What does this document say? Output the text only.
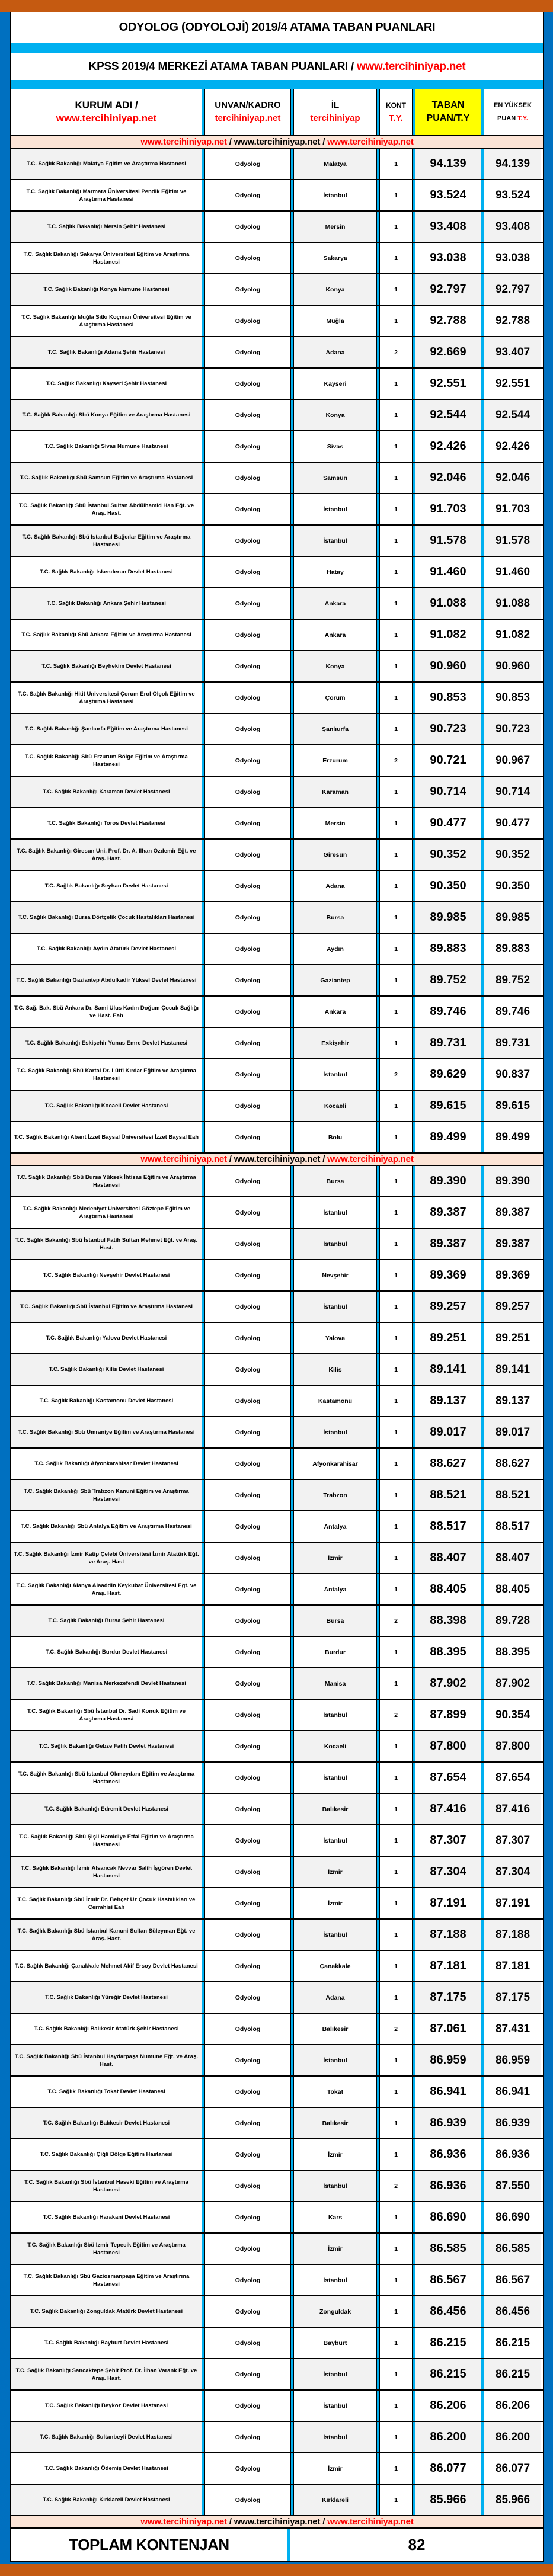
ODYOLOG (ODYOLOJİ) 2019/4 ATAMA TABAN PUANLARI
KPSS 2019/4 MERKEZİ ATAMA TABAN PUANLARI / www.tercihiniyap.net
KURUM ADI /
www.tercihiniyap.net
UNVAN/KADRO
tercihiniyap.net
İL
tercihiniyap
KONT
T.Y.
TABAN
PUAN/T.Y
EN YÜKSEK
PUAN T.Y.
www.tercihiniyap.net / www.tercihiniyap.net / www.tercihiniyap.net
T.C. Sağlık Bakanlığı Malatya Eğitim ve Araştırma Hastanesi	Odyolog	Malatya	1	94.139	94.139
T.C. Sağlık Bakanlığı Marmara Üniversitesi Pendik Eğitim ve Araştırma Hastanesi
Odyolog	İstanbul	1	93.524	93.524
T.C. Sağlık Bakanlığı Mersin Şehir Hastanesi	Odyolog	Mersin	1	93.408	93.408
T.C. Sağlık Bakanlığı Sakarya Üniversitesi Eğitim ve Araştırma Hastanesi
Odyolog	Sakarya	1	93.038	93.038
T.C. Sağlık Bakanlığı Konya Numune Hastanesi	Odyolog	Konya	1	92.797	92.797
T.C. Sağlık Bakanlığı Muğla Sıtkı Koçman Üniversitesi Eğitim ve Araştırma Hastanesi
Odyolog	Muğla	1	92.788	92.788
T.C. Sağlık Bakanlığı Adana Şehir Hastanesi	Odyolog	Adana	2	92.669	93.407
T.C. Sağlık Bakanlığı Kayseri Şehir Hastanesi	Odyolog	Kayseri	1	92.551	92.551
T.C. Sağlık Bakanlığı Sbü Konya Eğitim ve Araştırma Hastanesi	Odyolog	Konya	1	92.544	92.544
T.C. Sağlık Bakanlığı Sivas Numune Hastanesi	Odyolog	Sivas	1	92.426	92.426
T.C. Sağlık Bakanlığı Sbü Samsun Eğitim ve Araştırma Hastanesi	Odyolog	Samsun	1	92.046	92.046
T.C. Sağlık Bakanlığı Sbü İstanbul Sultan Abdülhamid Han Eğt. ve Araş. Hast.
Odyolog	İstanbul	1	91.703	91.703
T.C. Sağlık Bakanlığı Sbü İstanbul Bağcılar Eğitim ve Araştırma Hastanesi
Odyolog	İstanbul	1	91.578	91.578
T.C. Sağlık Bakanlığı İskenderun Devlet Hastanesi	Odyolog	Hatay	1	91.460	91.460
T.C. Sağlık Bakanlığı Ankara Şehir Hastanesi	Odyolog	Ankara	1	91.088	91.088
T.C. Sağlık Bakanlığı Sbü Ankara Eğitim ve Araştırma Hastanesi	Odyolog	Ankara	1	91.082	91.082
T.C. Sağlık Bakanlığı Beyhekim Devlet Hastanesi	Odyolog	Konya	1	90.960	90.960
T.C. Sağlık Bakanlığı Hitit Üniversitesi Çorum Erol Olçok Eğitim ve Araştırma Hastanesi
Odyolog	Çorum	1	90.853	90.853
T.C. Sağlık Bakanlığı Şanlıurfa Eğitim ve Araştırma Hastanesi	Odyolog	Şanlıurfa	1	90.723	90.723
T.C. Sağlık Bakanlığı Sbü Erzurum Bölge Eğitim ve Araştırma Hastanesi
Odyolog	Erzurum	2	90.721	90.967
T.C. Sağlık Bakanlığı Karaman Devlet Hastanesi	Odyolog	Karaman	1	90.714	90.714
T.C. Sağlık Bakanlığı Toros Devlet Hastanesi	Odyolog	Mersin	1	90.477	90.477
T.C. Sağlık Bakanlığı Giresun Üni. Prof. Dr. A. İlhan Özdemir Eğt. ve Araş. Hast.
Odyolog	Giresun	1	90.352	90.352
T.C. Sağlık Bakanlığı Seyhan Devlet Hastanesi	Odyolog	Adana	1	90.350	90.350
T.C. Sağlık Bakanlığı Bursa Dörtçelik Çocuk Hastalıkları Hastanesi	Odyolog	Bursa	1	89.985	89.985
T.C. Sağlık Bakanlığı Aydın Atatürk Devlet Hastanesi	Odyolog	Aydın	1	89.883	89.883
T.C. Sağlık Bakanlığı Gaziantep Abdulkadir Yüksel Devlet Hastanesi	Odyolog	Gaziantep	1	89.752	89.752
T.C. Sağ. Bak. Sbü Ankara Dr. Sami Ulus Kadın Doğum Çocuk Sağlığı ve Hast. Eah
Odyolog	Ankara	1	89.746	89.746
T.C. Sağlık Bakanlığı Eskişehir Yunus Emre Devlet Hastanesi	Odyolog	Eskişehir	1	89.731	89.731
T.C. Sağlık Bakanlığı Sbü Kartal Dr. Lütfi Kırdar Eğitim ve Araştırma Hastanesi
Odyolog	İstanbul	2	89.629	90.837
T.C. Sağlık Bakanlığı Kocaeli Devlet Hastanesi	Odyolog	Kocaeli	1	89.615	89.615
T.C. Sağlık Bakanlığı Abant İzzet Baysal Üniversitesi İzzet Baysal Eah	Odyolog	Bolu	1	89.499	89.499
www.tercihiniyap.net / www.tercihiniyap.net / www.tercihiniyap.net
T.C. Sağlık Bakanlığı Sbü Bursa Yüksek İhtisas Eğitim ve Araştırma Hastanesi
Odyolog	Bursa	1	89.390	89.390
T.C. Sağlık Bakanlığı Medeniyet Üniversitesi Göztepe Eğitim ve Araştırma Hastanesi
Odyolog	İstanbul	1	89.387	89.387
T.C. Sağlık Bakanlığı Sbü İstanbul Fatih Sultan Mehmet Eğt. ve Araş. Hast.
Odyolog	İstanbul	1	89.387	89.387
T.C. Sağlık Bakanlığı Nevşehir Devlet Hastanesi	Odyolog	Nevşehir	1	89.369	89.369
T.C. Sağlık Bakanlığı Sbü İstanbul Eğitim ve Araştırma Hastanesi	Odyolog	İstanbul	1	89.257	89.257
T.C. Sağlık Bakanlığı Yalova Devlet Hastanesi	Odyolog	Yalova	1	89.251	89.251
T.C. Sağlık Bakanlığı Kilis Devlet Hastanesi	Odyolog	Kilis	1	89.141	89.141
T.C. Sağlık Bakanlığı Kastamonu Devlet Hastanesi	Odyolog	Kastamonu	1	89.137	89.137
T.C. Sağlık Bakanlığı Sbü Ümraniye Eğitim ve Araştırma Hastanesi	Odyolog	İstanbul	1	89.017	89.017
T.C. Sağlık Bakanlığı Afyonkarahisar Devlet Hastanesi	Odyolog	Afyonkarahisar	1	88.627	88.627
T.C. Sağlık Bakanlığı Sbü Trabzon Kanuni Eğitim ve Araştırma Hastanesi
Odyolog	Trabzon	1	88.521	88.521
T.C. Sağlık Bakanlığı Sbü Antalya Eğitim ve Araştırma Hastanesi	Odyolog	Antalya	1	88.517	88.517
T.C. Sağlık Bakanlığı İzmir Katip Çelebi Üniversitesi İzmir Atatürk Eğt. ve Araş. Hast
Odyolog	İzmir	1	88.407	88.407
T.C. Sağlık Bakanlığı Alanya Alaaddin Keykubat Üniversitesi Eğt. ve Araş. Hast.
Odyolog	Antalya	1	88.405	88.405
T.C. Sağlık Bakanlığı Bursa Şehir Hastanesi	Odyolog	Bursa	2	88.398	89.728
T.C. Sağlık Bakanlığı Burdur Devlet Hastanesi	Odyolog	Burdur	1	88.395	88.395
T.C. Sağlık Bakanlığı Manisa Merkezefendi Devlet Hastanesi	Odyolog	Manisa	1	87.902	87.902
T.C. Sağlık Bakanlığı Sbü İstanbul Dr. Sadi Konuk Eğitim ve Araştırma Hastanesi
Odyolog	İstanbul	2	87.899	90.354
T.C. Sağlık Bakanlığı Gebze Fatih Devlet Hastanesi	Odyolog	Kocaeli	1	87.800	87.800
T.C. Sağlık Bakanlığı Sbü İstanbul Okmeydanı Eğitim ve Araştırma Hastanesi
Odyolog	İstanbul	1	87.654	87.654
T.C. Sağlık Bakanlığı Edremit Devlet Hastanesi	Odyolog	Balıkesir	1	87.416	87.416
T.C. Sağlık Bakanlığı Sbü Şişli Hamidiye Etfal Eğitim ve Araştırma Hastanesi
Odyolog	İstanbul	1	87.307	87.307
T.C. Sağlık Bakanlığı İzmir Alsancak Nevvar Salih İşgören Devlet Hastanesi
Odyolog	İzmir	1	87.304	87.304
T.C. Sağlık Bakanlığı Sbü İzmir Dr. Behçet Uz Çocuk Hastalıkları ve Cerrahisi Eah
Odyolog	İzmir	1	87.191	87.191
T.C. Sağlık Bakanlığı Sbü İstanbul Kanuni Sultan Süleyman Eğt. ve Araş. Hast.
Odyolog	İstanbul	1	87.188	87.188
T.C. Sağlık Bakanlığı Çanakkale Mehmet Akif Ersoy Devlet Hastanesi	Odyolog	Çanakkale	1	87.181	87.181
T.C. Sağlık Bakanlığı Yüreğir Devlet Hastanesi	Odyolog	Adana	1	87.175	87.175
T.C. Sağlık Bakanlığı Balıkesir Atatürk Şehir Hastanesi	Odyolog	Balıkesir	2	87.061	87.431
T.C. Sağlık Bakanlığı Sbü İstanbul Haydarpaşa Numune Eğt. ve Araş. Hast.
Odyolog	İstanbul	1	86.959	86.959
T.C. Sağlık Bakanlığı Tokat Devlet Hastanesi	Odyolog	Tokat	1	86.941	86.941
T.C. Sağlık Bakanlığı Balıkesir Devlet Hastanesi	Odyolog	Balıkesir	1	86.939	86.939
T.C. Sağlık Bakanlığı Çiğli Bölge Eğitim Hastanesi	Odyolog	İzmir	1	86.936	86.936
T.C. Sağlık Bakanlığı Sbü İstanbul Haseki Eğitim ve Araştırma Hastanesi
Odyolog	İstanbul	2	86.936	87.550
T.C. Sağlık Bakanlığı Harakani Devlet Hastanesi	Odyolog	Kars	1	86.690	86.690
T.C. Sağlık Bakanlığı Sbü İzmir Tepecik Eğitim ve Araştırma Hastanesi
Odyolog	İzmir	1	86.585	86.585
T.C. Sağlık Bakanlığı Sbü Gaziosmanpaşa Eğitim ve Araştırma Hastanesi
Odyolog	İstanbul	1	86.567	86.567
T.C. Sağlık Bakanlığı Zonguldak Atatürk Devlet Hastanesi	Odyolog	Zonguldak	1	86.456	86.456
T.C. Sağlık Bakanlığı Bayburt Devlet Hastanesi	Odyolog	Bayburt	1	86.215	86.215
T.C. Sağlık Bakanlığı Sancaktepe Şehit Prof. Dr. İlhan Varank Eğt. ve Araş. Hast.
Odyolog	İstanbul	1	86.215	86.215
T.C. Sağlık Bakanlığı Beykoz Devlet Hastanesi	Odyolog	İstanbul	1	86.206	86.206
T.C. Sağlık Bakanlığı Sultanbeyli Devlet Hastanesi	Odyolog	İstanbul	1	86.200	86.200
T.C. Sağlık Bakanlığı Ödemiş Devlet Hastanesi	Odyolog	İzmir	1	86.077	86.077
T.C. Sağlık Bakanlığı Kırklareli Devlet Hastanesi	Odyolog	Kırklareli	1	85.966	85.966
www.tercihiniyap.net / www.tercihiniyap.net / www.tercihiniyap.net
TOPLAM KONTENJAN	82
